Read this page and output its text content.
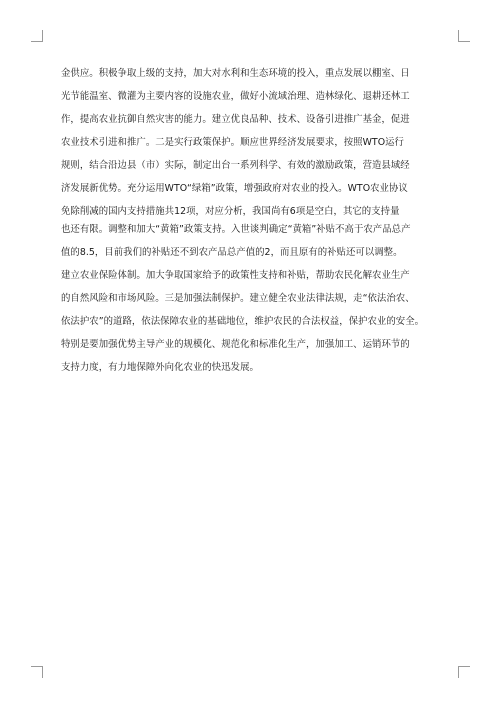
金供应。积极争取上级的支持，加大对水利和生态环境的投入，重点发展以棚室、日
光节能温室、微灌为主要内容的设施农业，做好小流域治理、造林绿化、退耕还林工
作，提高农业抗御自然灾害的能力。建立优良品种、技术、设备引进推广基金，促进
农业技术引进和推广。二是实行政策保护。顺应世界经济发展要求，按照WTO运行
规则，结合沿边县（市）实际，制定出台一系列科学、有效的激励政策，营造县域经
济发展新优势。充分运用WTO“绿箱”政策，增强政府对农业的投入。WTO农业协议
免除削减的国内支持措施共12项，对应分析，我国尚有6项是空白，其它的支持量
也还有限。调整和加大“黄箱”政策支持。入世谈判确定“黄箱”补贴不高于农产品总产
值的8.5，目前我们的补贴还不到农产品总产值的2，而且原有的补贴还可以调整。
建立农业保险体制。加大争取国家给予的政策性支持和补贴，帮助农民化解农业生产
的自然风险和市场风险。三是加强法制保护。建立健全农业法律法规，走“依法治农、
依法护农”的道路，依法保障农业的基础地位，维护农民的合法权益，保护农业的安全。
特别是要加强优势主导产业的规模化、规范化和标准化生产，加强加工、运销环节的
支持力度，有力地保障外向化农业的快迅发展。
